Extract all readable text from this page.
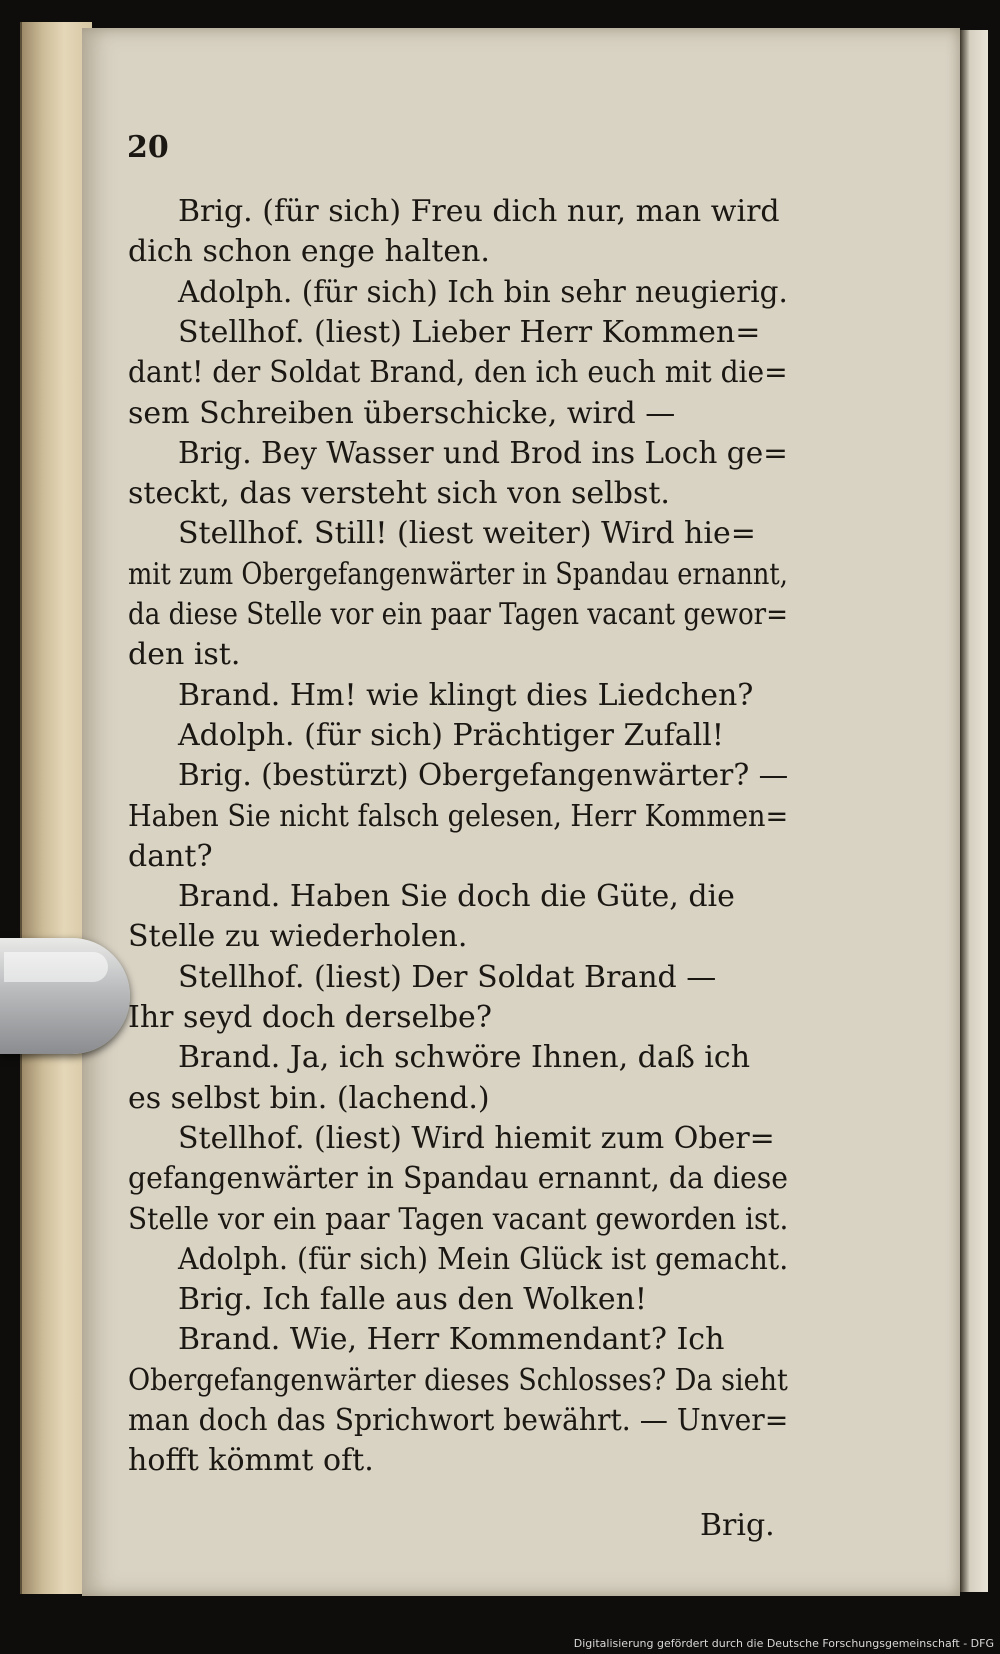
20
Brig. (für sich) Freu dich nur, man wird
dich schon enge halten.
Adolph. (für sich) Ich bin sehr neugierig.
Stellhof. (liest) Lieber Herr Kommen=
dant! der Soldat Brand, den ich euch mit die=
sem Schreiben überschicke, wird —
Brig. Bey Wasser und Brod ins Loch ge=
steckt, das versteht sich von selbst.
Stellhof. Still! (liest weiter) Wird hie=
mit zum Obergefangenwärter in Spandau ernannt,
da diese Stelle vor ein paar Tagen vacant gewor=
den ist.
Brand. Hm! wie klingt dies Liedchen?
Adolph. (für sich) Prächtiger Zufall!
Brig. (bestürzt) Obergefangenwärter? —
Haben Sie nicht falsch gelesen, Herr Kommen=
dant?
Brand. Haben Sie doch die Güte, die
Stelle zu wiederholen.
Stellhof. (liest) Der Soldat Brand —
Ihr seyd doch derselbe?
Brand. Ja, ich schwöre Ihnen, daß ich
es selbst bin. (lachend.)
Stellhof. (liest) Wird hiemit zum Ober=
gefangenwärter in Spandau ernannt, da diese
Stelle vor ein paar Tagen vacant geworden ist.
Adolph. (für sich) Mein Glück ist gemacht.
Brig. Ich falle aus den Wolken!
Brand. Wie, Herr Kommendant? Ich
Obergefangenwärter dieses Schlosses? Da sieht
man doch das Sprichwort bewährt. — Unver=
hofft kömmt oft.
Brig.
Digitalisierung gefördert durch die Deutsche Forschungsgemeinschaft - DFG
